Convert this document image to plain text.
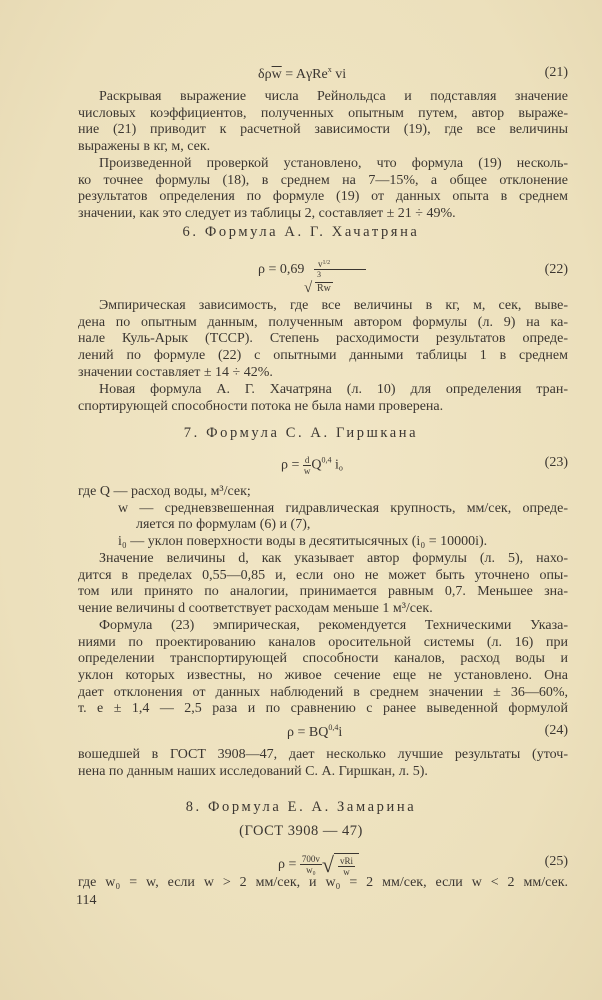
$\delta\rho\overline{w} = A\gamma Re^x$ vi	(21)
Раскрывая выражение числа Рейнольдса и подставляя значение
числовых коэффициентов, полученных опытным путем, автор выраже-
ние (21) приводит к расчетной зависимости (19), где все величины
выражены в кг, м, сек.
Произведенной проверкой установлено, что формула (19) несколь-
ко точнее формулы (18), в среднем на 7—15%, а общее отклонение
результатов определения по формуле (19) от данных опыта в среднем
значении, как это следует из таблицы 2, составляет ± 21 ÷ 49%.
6. Формула А. Г. Хачатряна
ρ = 0,69	$v^{1/2}$
3
√ Rw
(22)
Эмпирическая зависимость, где все величины в кг, м, сек, выве-
дена по опытным данным, полученным автором формулы (л. 9) на ка-
нале Куль-Арык (ТССР). Степень расходимости результатов опреде-
лений по формуле (22) с опытными данными таблицы 1 в среднем
значении составляет ± 14 ÷ 42%.
Новая формула А. Г. Хачатряна (л. 10) для определения тран-
спортирующей способности потока не была нами проверена.
7. Формула С. А. Гиршкана
$\rho = \frac{d}{w} Q^{0,4}$ $i_o$	(23)
где Q — расход воды, м³/сек;
w — средневзвешенная гидравлическая крупность, мм/сек, опреде-
ляется по формулам (6) и (7),
i₀ — уклон поверхности воды в десятитысячных (i₀ = 10000i).
Значение величины d, как указывает автор формулы (л. 5), нахо-
дится в пределах 0,55—0,85 и, если оно не может быть уточнено опы-
том или принято по аналогии, принимается равным 0,7. Меньшее зна-
чение величины d соответствует расходам меньше 1 м³/сек.
Формула (23) эмпирическая, рекомендуется Техническими Указа-
ниями по проектированию каналов оросительной системы (л. 16) при
определении транспортирующей способности каналов, расход воды и
уклон которых известны, но живое сечение еще не установлено. Она
дает отклонения от данных наблюдений в среднем значении ± 36—60%,
т. е ± 1,4 — 2,5 раза и по сравнению с ранее выведенной формулой
ρ = BQ$^{0,4}$i	(24)
вошедшей в ГОСТ 3908—47, дает несколько лучшие результаты (уточ-
нена по данным наших исследований С. А. Гиршкан, л. 5).
8. Формула Е. А. Замарина
(ГОСТ 3908 — 47)
$\rho = \frac{700v}{\text{w₀}}$ √ $\frac{\text{vRi}}{w}$	(25)
где w₀ = w, если w > 2 мм/сек, и w₀ = 2 мм/сек, если w < 2 мм/сек.
114
